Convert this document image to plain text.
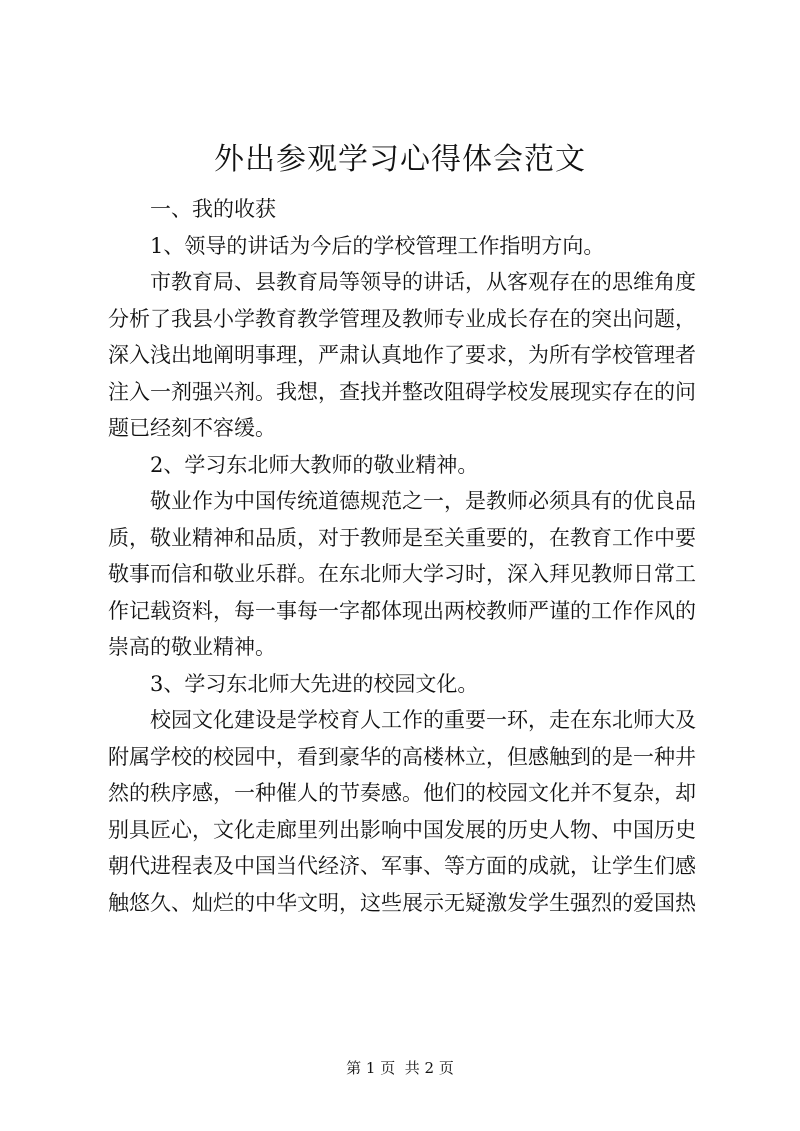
外出参观学习心得体会范文

一、我的收获

1、领导的讲话为今后的学校管理工作指明方向。

市教育局、县教育局等领导的讲话，从客观存在的思维角度
分析了我县小学教育教学管理及教师专业成长存在的突出问题，
深入浅出地阐明事理，严肃认真地作了要求，为所有学校管理者
注入一剂强兴剂。我想，查找并整改阻碍学校发展现实存在的问
题已经刻不容缓。

2、学习东北师大教师的敬业精神。

敬业作为中国传统道德规范之一，是教师必须具有的优良品
质，敬业精神和品质，对于教师是至关重要的，在教育工作中要
敬事而信和敬业乐群。在东北师大学习时，深入拜见教师日常工
作记载资料，每一事每一字都体现出两校教师严谨的工作作风的
崇高的敬业精神。

3、学习东北师大先进的校园文化。

校园文化建设是学校育人工作的重要一环，走在东北师大及
附属学校的校园中，看到豪华的高楼林立，但感触到的是一种井
然的秩序感，一种催人的节奏感。他们的校园文化并不复杂，却
别具匠心，文化走廊里列出影响中国发展的历史人物、中国历史
朝代进程表及中国当代经济、军事、等方面的成就，让学生们感
触悠久、灿烂的中华文明，这些展示无疑激发学生强烈的爱国热

第 1 页  共 2 页
